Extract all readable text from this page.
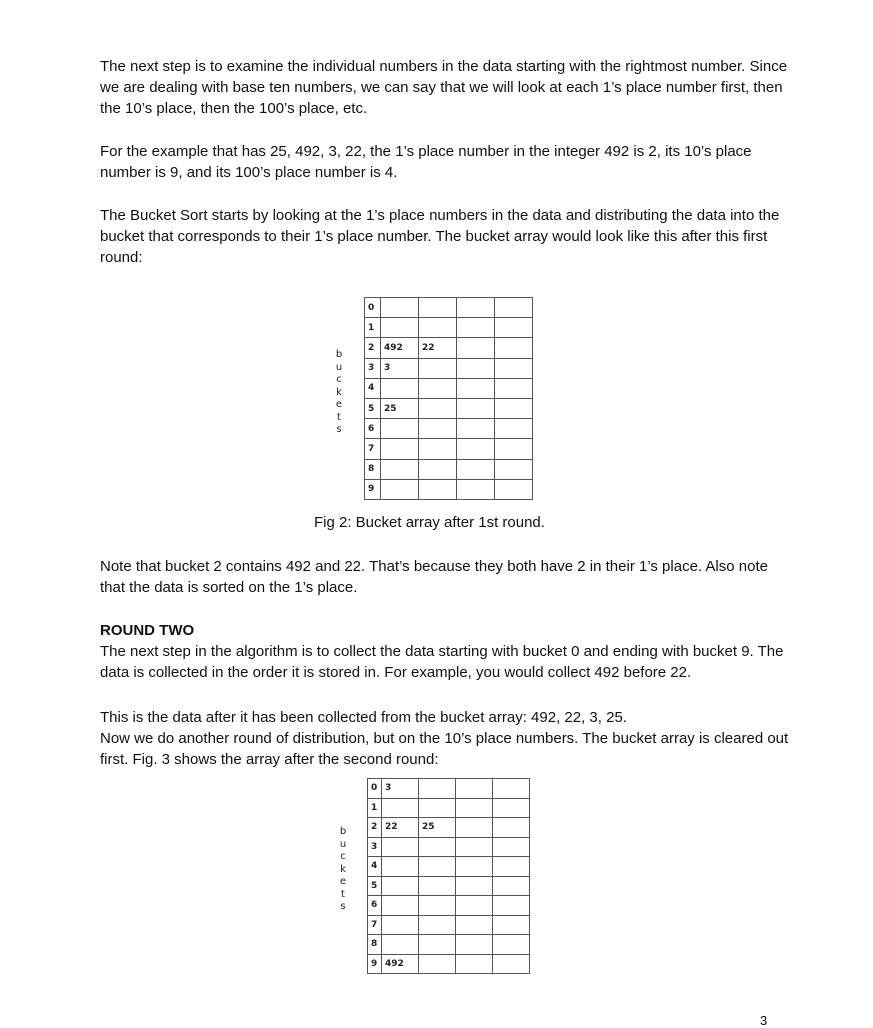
The next step is to examine the individual numbers in the data starting with the rightmost number. Since we are dealing with base ten numbers, we can say that we will look at each 1’s place number first, then the 10’s place, then the 100’s place, etc.

For the example that has 25, 492, 3, 22, the 1’s place number in the integer 492 is 2, its 10’s place number is 9, and its 100’s place number is 4.

The Bucket Sort starts by looking at the 1’s place numbers in the data and distributing the data into the bucket that corresponds to their 1’s place number. The bucket array would look like this after this first round:

b
u
c
k
e
t
s
0				
1				
2	492	22		
3	3			
4				
5	25			
6				
7				
8				
9				

Fig 2: Bucket array after 1st round.

Note that bucket 2 contains 492 and 22. That’s because they both have 2 in their 1’s place. Also note that the data is sorted on the 1’s place.

ROUND TWO

The next step in the algorithm is to collect the data starting with bucket 0 and ending with bucket 9. The data is collected in the order it is stored in. For example, you would collect 492 before 22.

This is the data after it has been collected from the bucket array: 492, 22, 3, 25.

Now we do another round of distribution, but on the 10’s place numbers. The bucket array is cleared out first. Fig. 3 shows the array after the second round:

b
u
c
k
e
t
s
0	3			
1				
2	22	25		
3				
4				
5				
6				
7				
8				
9	492			
3
